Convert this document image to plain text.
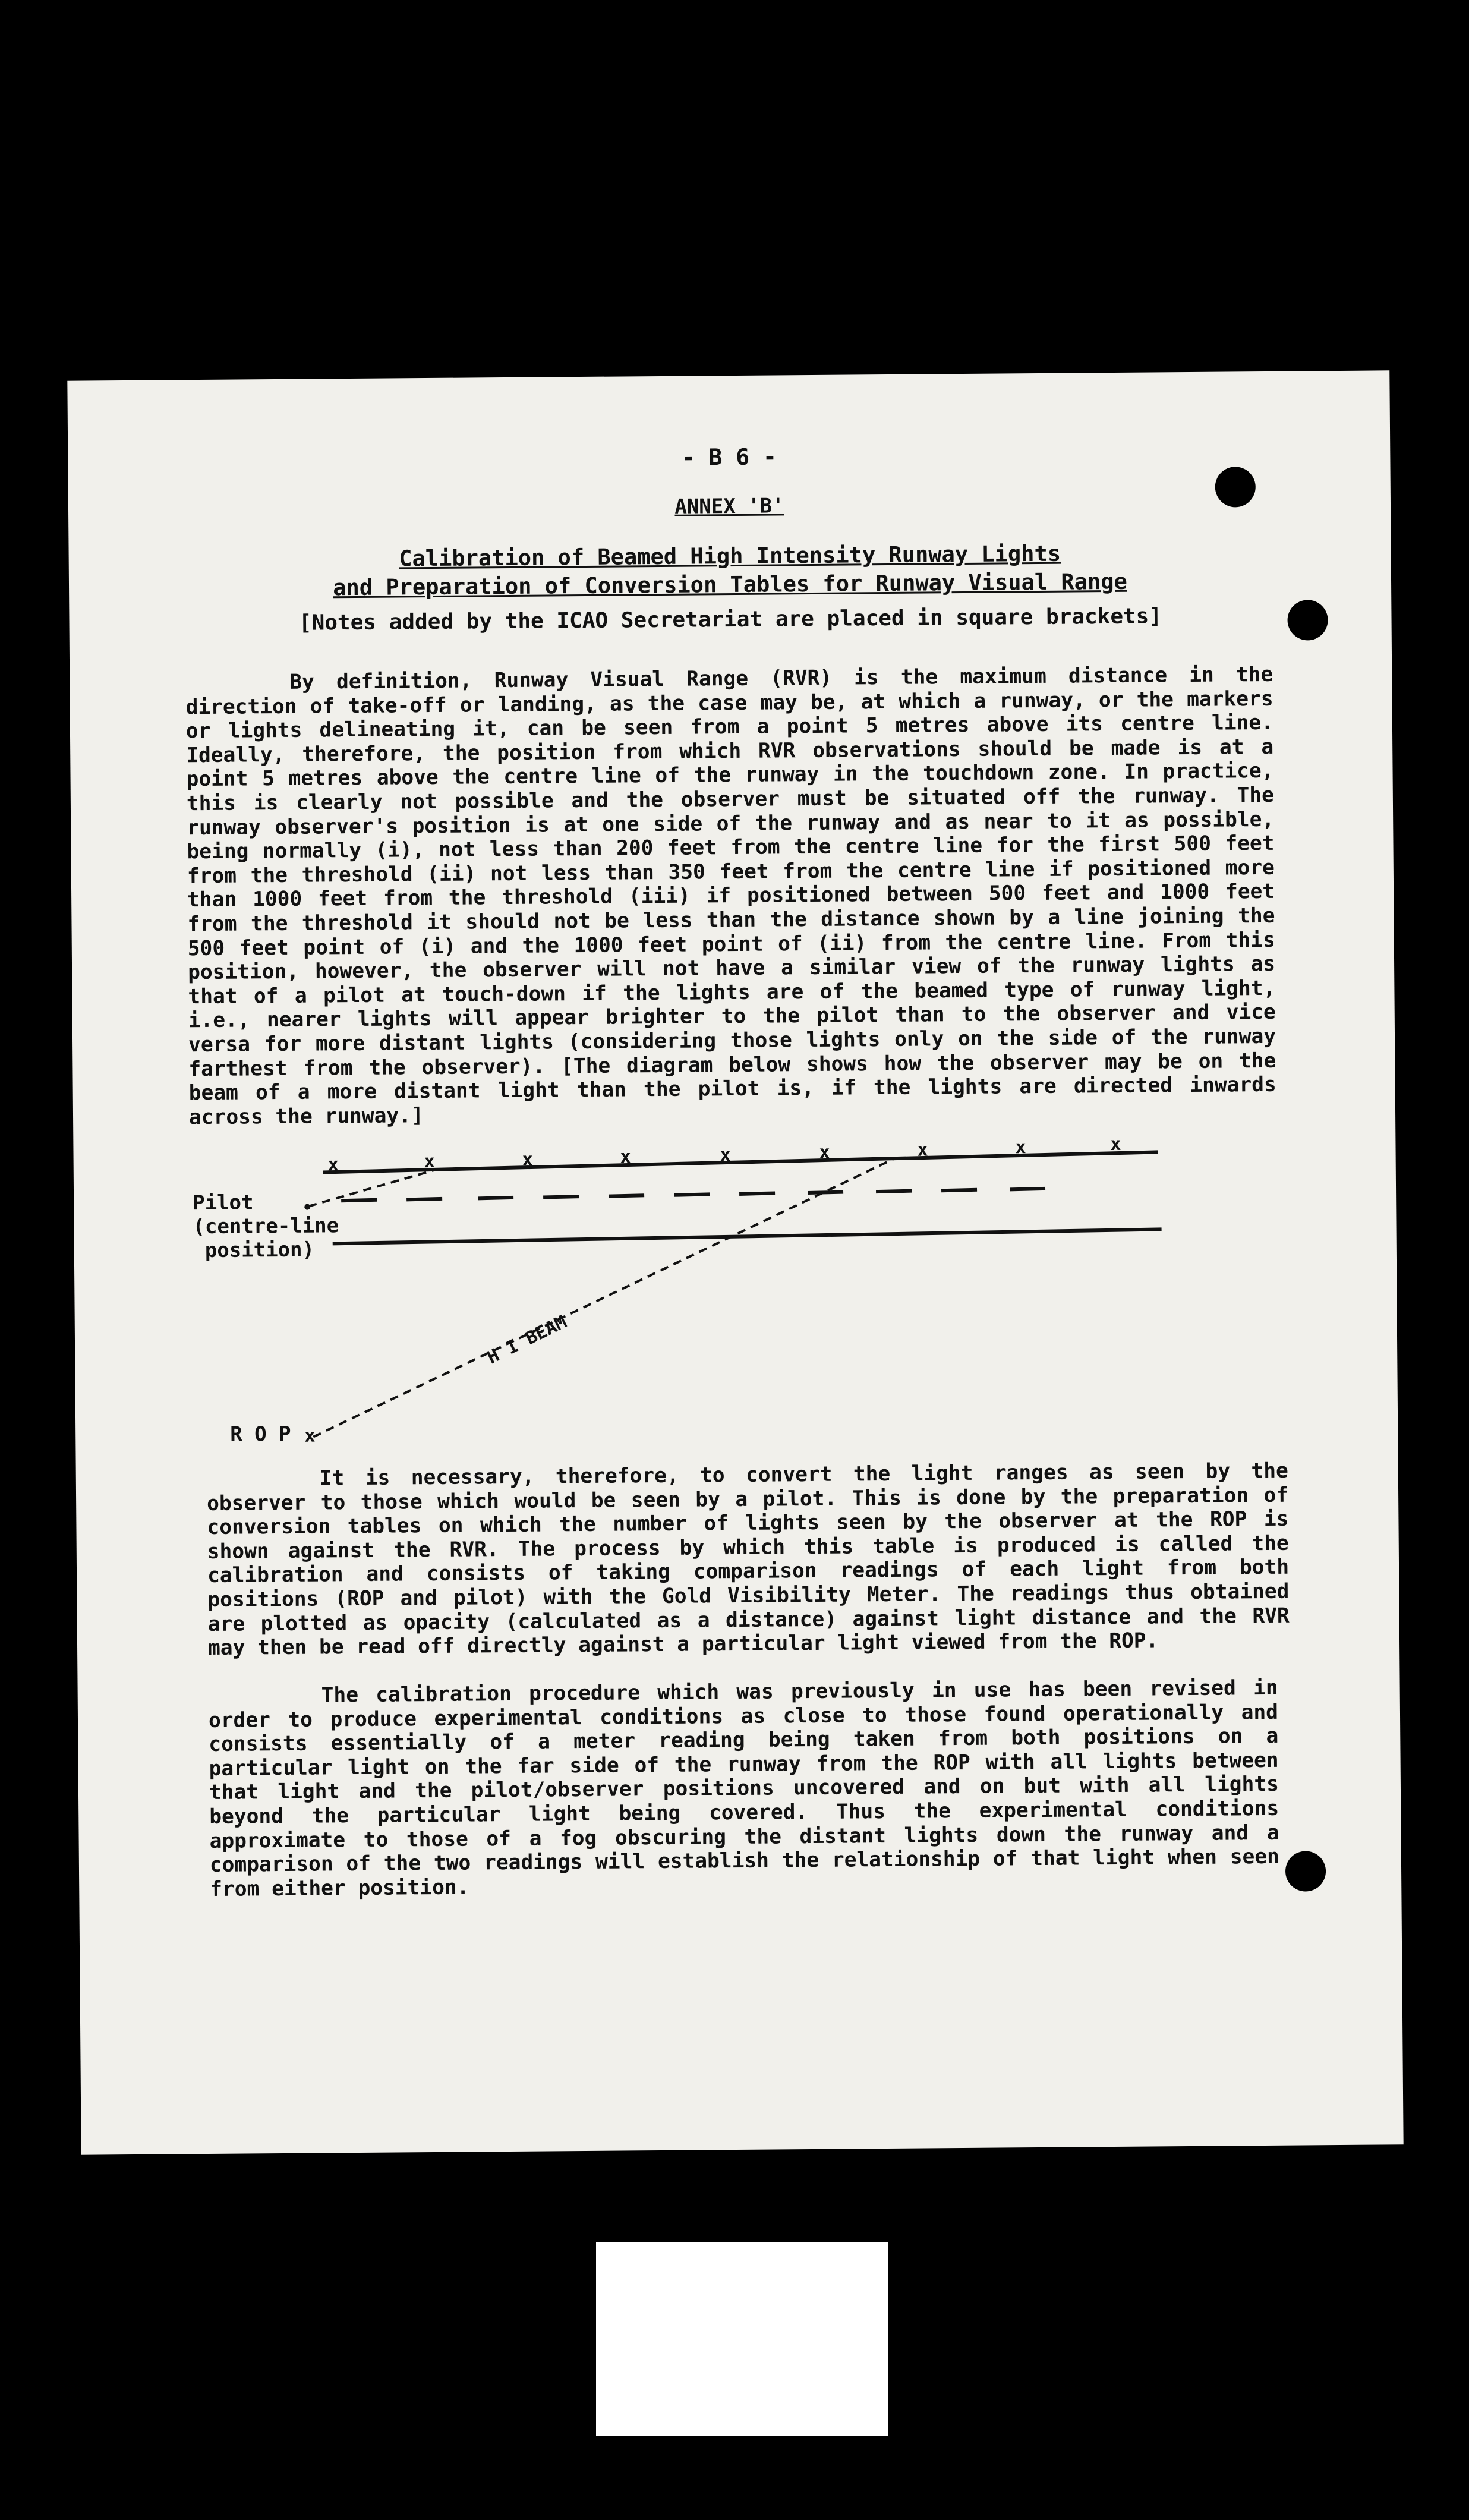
- B 6 -
ANNEX 'B'
Calibration of Beamed High Intensity Runway Lights
and Preparation of Conversion Tables for Runway Visual Range
[Notes added by the ICAO Secretariat are placed in square brackets]

By definition, Runway Visual Range (RVR) is the maximum distance in the direction of take-off or landing, as the case may be, at which a runway, or the markers or lights delineating it, can be seen from a point 5 metres above its centre line. Ideally, therefore, the position from which RVR observations should be made is at a point 5 metres above the centre line of the runway in the touchdown zone. In practice, this is clearly not possible and the observer must be situated off the runway. The runway observer's position is at one side of the runway and as near to it as possible, being normally (i), not less than 200 feet from the centre line for the first 500 feet from the threshold (ii) not less than 350 feet from the centre line if positioned more than 1000 feet from the threshold (iii) if positioned between 500 feet and 1000 feet from the threshold it should not be less than the distance shown by a line joining the 500 feet point of (i) and the 1000 feet point of (ii) from the centre line. From this position, however, the observer will not have a similar view of the runway lights as that of a pilot at touch-down if the lights are of the beamed type of runway light, i.e., nearer lights will appear brighter to the pilot than to the observer and vice versa for more distant lights (considering those lights only on the side of the runway farthest from the observer). [The diagram below shows how the observer may be on the beam of a more distant light than the pilot is, if the lights are directed inwards across the runway.]

x	x	x	x	x	x	x	x	x
H I BEAM
x
Pilot
(centre-line
position)
R O P

It is necessary, therefore, to convert the light ranges as seen by the observer to those which would be seen by a pilot. This is done by the preparation of conversion tables on which the number of lights seen by the observer at the ROP is shown against the RVR. The process by which this table is produced is called the calibration and consists of taking comparison readings of each light from both positions (ROP and pilot) with the Gold Visibility Meter. The readings thus obtained are plotted as opacity (calculated as a distance) against light distance and the RVR may then be read off directly against a particular light viewed from the ROP.

The calibration procedure which was previously in use has been revised in order to produce experimental conditions as close to those found operationally and consists essentially of a meter reading being taken from both positions on a particular light on the far side of the runway from the ROP with all lights between that light and the pilot/observer positions uncovered and on but with all lights beyond the particular light being covered. Thus the experimental conditions approximate to those of a fog obscuring the distant lights down the runway and a comparison of the two readings will establish the relationship of that light when seen from either position.
